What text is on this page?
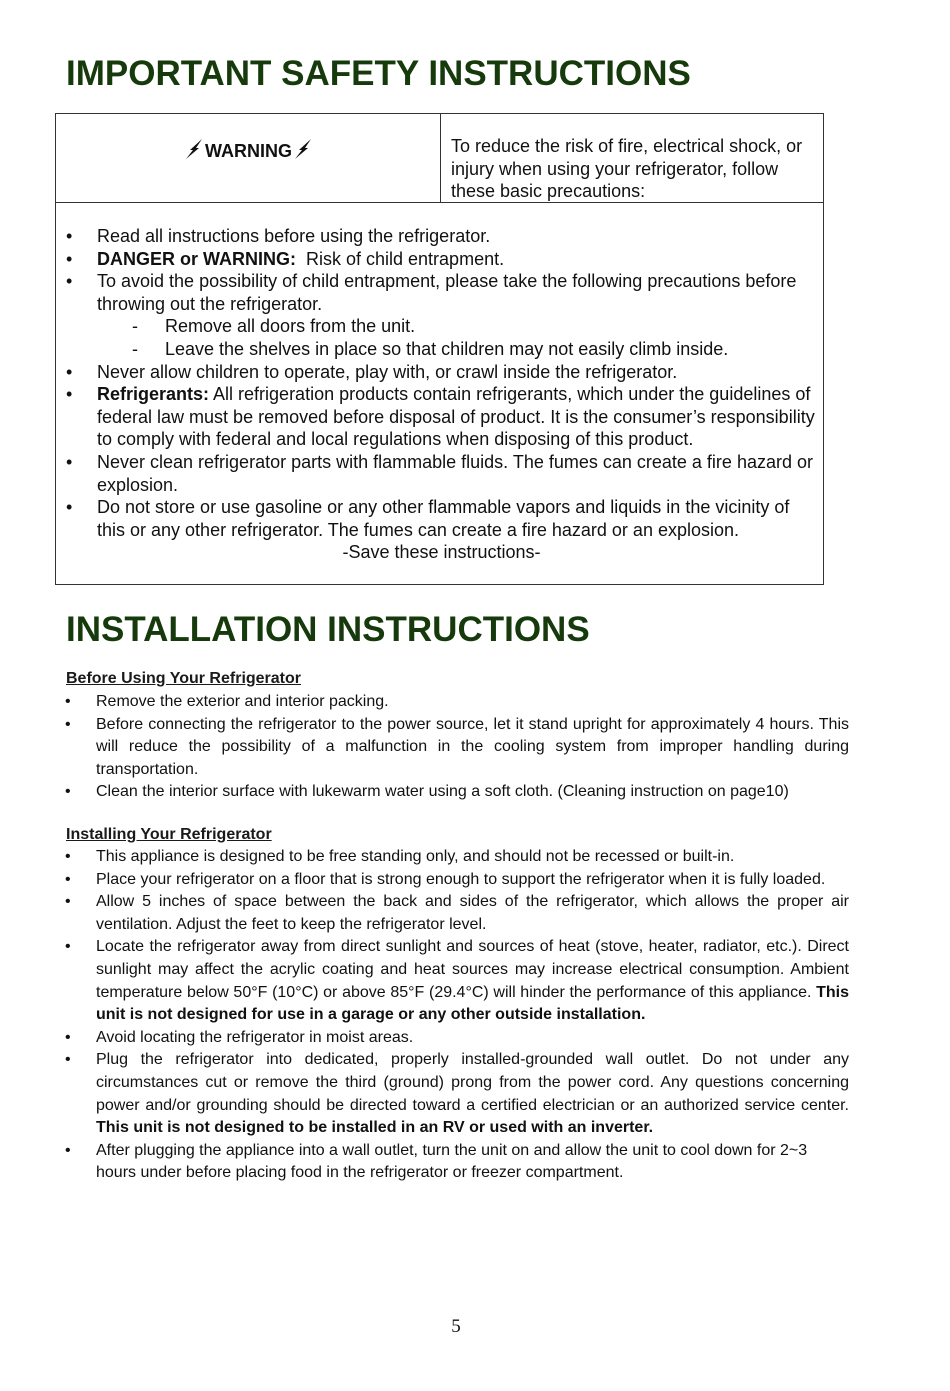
IMPORTANT SAFETY INSTRUCTIONS
WARNING	To reduce the risk of fire, electrical shock, or injury when using your refrigerator, follow these basic precautions:
• Read all instructions before using the refrigerator.
• DANGER or WARNING:  Risk of child entrapment.
• To avoid the possibility of child entrapment, please take the following precautions before throwing out the refrigerator.
- Remove all doors from the unit.
- Leave the shelves in place so that children may not easily climb inside.
• Never allow children to operate, play with, or crawl inside the refrigerator.
• Refrigerants: All refrigeration products contain refrigerants, which under the guidelines of federal law must be removed before disposal of product. It is the consumer’s responsibility to comply with federal and local regulations when disposing of this product.
• Never clean refrigerator parts with flammable fluids. The fumes can create a fire hazard or explosion.
• Do not store or use gasoline or any other flammable vapors and liquids in the vicinity of this or any other refrigerator. The fumes can create a fire hazard or an explosion.
-Save these instructions-
INSTALLATION INSTRUCTIONS
Before Using Your Refrigerator
• Remove the exterior and interior packing.
• Before connecting the refrigerator to the power source, let it stand upright for approximately 4 hours. This will reduce the possibility of a malfunction in the cooling system from improper handling during transportation.
• Clean the interior surface with lukewarm water using a soft cloth. (Cleaning instruction on page10)
Installing Your Refrigerator
• This appliance is designed to be free standing only, and should not be recessed or built-in.
• Place your refrigerator on a floor that is strong enough to support the refrigerator when it is fully loaded.
• Allow 5 inches of space between the back and sides of the refrigerator, which allows the proper air ventilation. Adjust the feet to keep the refrigerator level.
• Locate the refrigerator away from direct sunlight and sources of heat (stove, heater, radiator, etc.). Direct sunlight may affect the acrylic coating and heat sources may increase electrical consumption. Ambient temperature below 50°F (10°C) or above 85°F (29.4°C) will hinder the performance of this appliance. This unit is not designed for use in a garage or any other outside installation.
• Avoid locating the refrigerator in moist areas.
• Plug the refrigerator into dedicated, properly installed-grounded wall outlet. Do not under any circumstances cut or remove the third (ground) prong from the power cord. Any questions concerning power and/or grounding should be directed toward a certified electrician or an authorized service center. This unit is not designed to be installed in an RV or used with an inverter.
• After plugging the appliance into a wall outlet, turn the unit on and allow the unit to cool down for 2~3 hours under before placing food in the refrigerator or freezer compartment.
5
